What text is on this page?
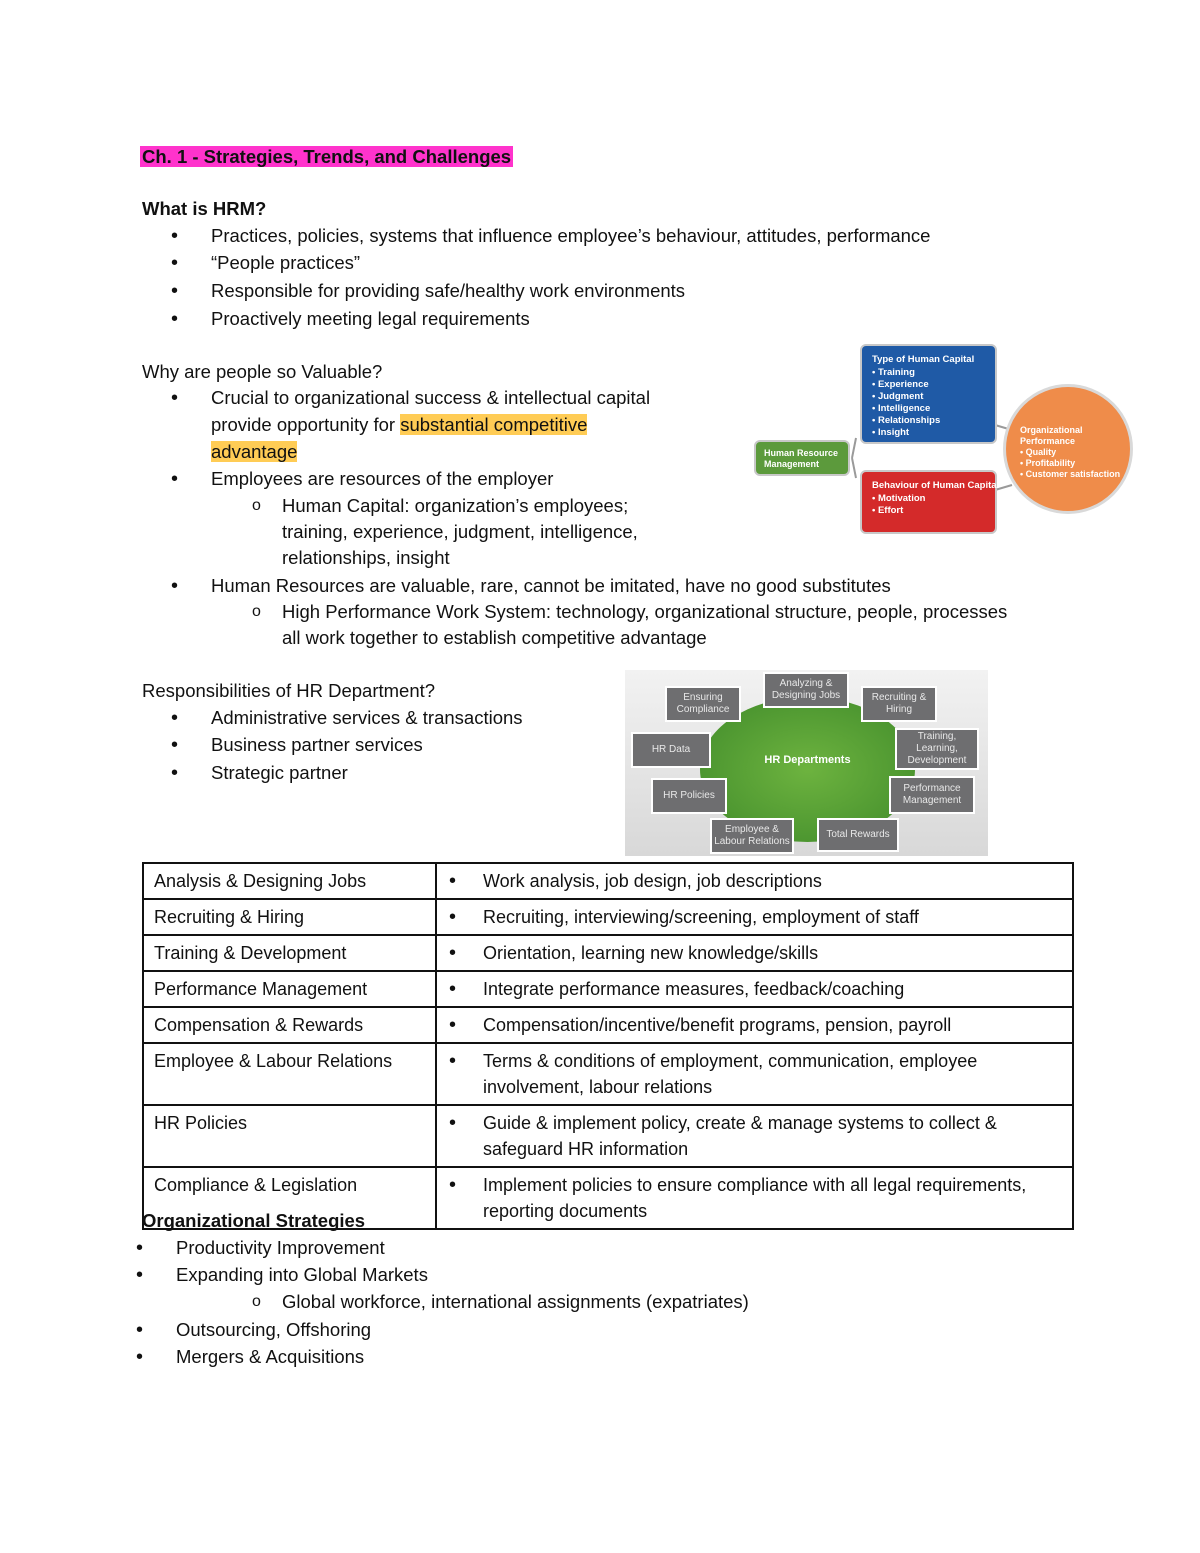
Ch. 1 - Strategies, Trends, and Challenges
What is HRM?
• Practices, policies, systems that influence employee’s behaviour, attitudes, performance
• “People practices”
• Responsible for providing safe/healthy work environments
• Proactively meeting legal requirements
Why are people so Valuable?
• Crucial to organizational success & intellectual capital
provide opportunity for substantial competitive
advantage
• Employees are resources of the employer
o Human Capital: organization’s employees;
training, experience, judgment, intelligence,
relationships, insight
• Human Resources are valuable, rare, cannot be imitated, have no good substitutes
o High Performance Work System: technology, organizational structure, people, processes
all work together to establish competitive advantage
Organizational Performance
• Quality
• Profitability
• Customer satisfaction
Type of Human Capital
• Training
• Experience
• Judgment
• Intelligence
• Relationships
• Insight
Behaviour of Human Capital
• Motivation
• Effort
Human Resource Management
Responsibilities of HR Department?
• Administrative services & transactions
• Business partner services
• Strategic partner
HR Departments
Ensuring Compliance
Analyzing & Designing Jobs	Recruiting & Hiring
Training, Learning, Development
Performance Management
Total Rewards
Employee & Labour Relations
HR Policies
HR Data
Analysis & Designing Jobs	• Work analysis, job design, job descriptions
Recruiting & Hiring	• Recruiting, interviewing/screening, employment of staff
Training & Development	• Orientation, learning new knowledge/skills
Performance Management	• Integrate performance measures, feedback/coaching
Compensation & Rewards	• Compensation/incentive/benefit programs, pension, payroll
Employee & Labour Relations	• Terms & conditions of employment, communication, employee involvement, labour relations
HR Policies	• Guide & implement policy, create & manage systems to collect & safeguard HR information
Compliance & Legislation	• Implement policies to ensure compliance with all legal requirements, reporting documents
Organizational Strategies
• Productivity Improvement
• Expanding into Global Markets
o Global workforce, international assignments (expatriates)
• Outsourcing, Offshoring
• Mergers & Acquisitions
